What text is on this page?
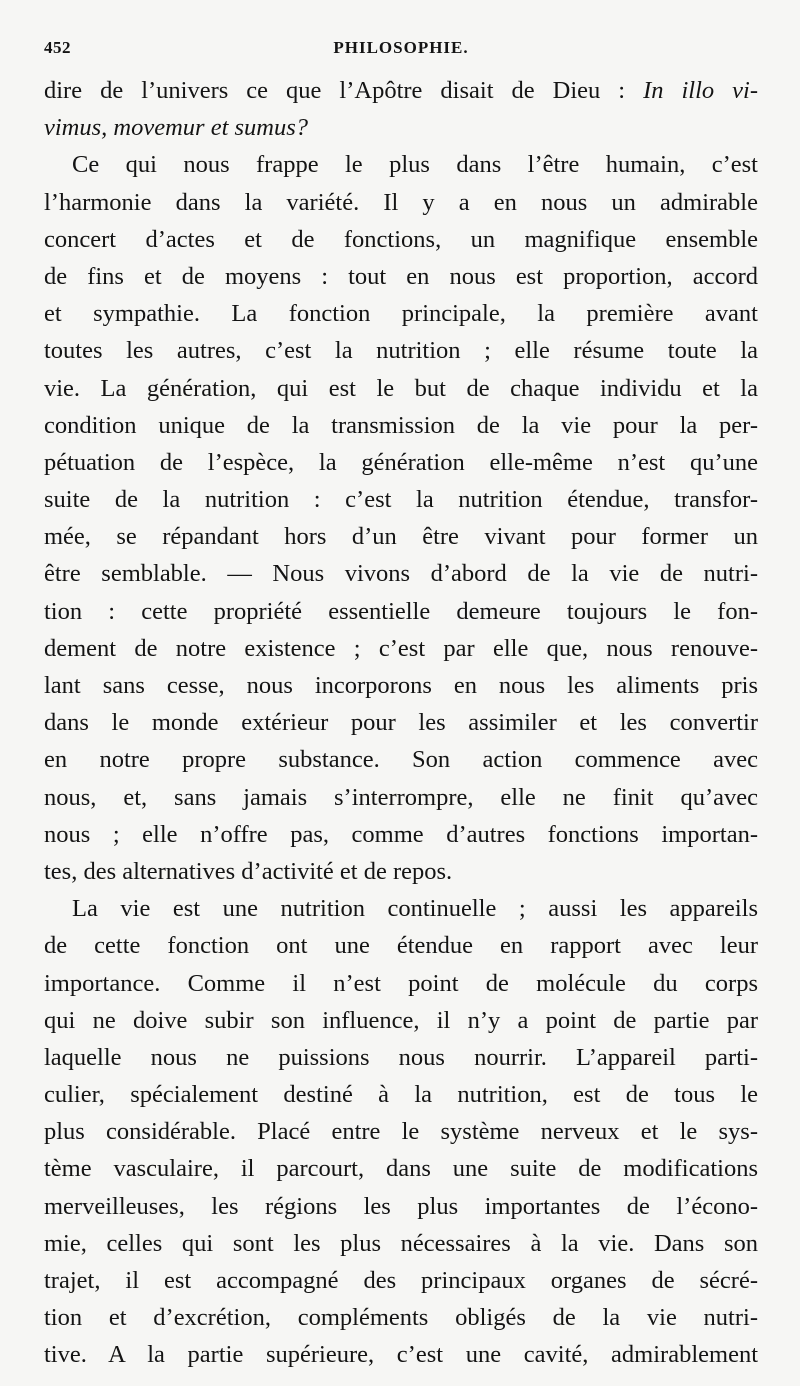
452	PHILOSOPHIE.
dire de l’univers ce que l’Apôtre disait de Dieu : In illo vi-
vimus, movemur et sumus?
Ce qui nous frappe le plus dans l’être humain, c’est
l’harmonie dans la variété. Il y a en nous un admirable
concert d’actes et de fonctions, un magnifique ensemble
de fins et de moyens : tout en nous est proportion, accord
et sympathie. La fonction principale, la première avant
toutes les autres, c’est la nutrition ; elle résume toute la
vie. La génération, qui est le but de chaque individu et la
condition unique de la transmission de la vie pour la per-
pétuation de l’espèce, la génération elle-même n’est qu’une
suite de la nutrition : c’est la nutrition étendue, transfor-
mée, se répandant hors d’un être vivant pour former un
être semblable. — Nous vivons d’abord de la vie de nutri-
tion : cette propriété essentielle demeure toujours le fon-
dement de notre existence ; c’est par elle que, nous renouve-
lant sans cesse, nous incorporons en nous les aliments pris
dans le monde extérieur pour les assimiler et les convertir
en notre propre substance. Son action commence avec
nous, et, sans jamais s’interrompre, elle ne finit qu’avec
nous ; elle n’offre pas, comme d’autres fonctions importan-
tes, des alternatives d’activité et de repos.
La vie est une nutrition continuelle ; aussi les appareils
de cette fonction ont une étendue en rapport avec leur
importance. Comme il n’est point de molécule du corps
qui ne doive subir son influence, il n’y a point de partie par
laquelle nous ne puissions nous nourrir. L’appareil parti-
culier, spécialement destiné à la nutrition, est de tous le
plus considérable. Placé entre le système nerveux et le sys-
tème vasculaire, il parcourt, dans une suite de modifications
merveilleuses, les régions les plus importantes de l’écono-
mie, celles qui sont les plus nécessaires à la vie. Dans son
trajet, il est accompagné des principaux organes de sécré-
tion et d’excrétion, compléments obligés de la vie nutri-
tive. A la partie supérieure, c’est une cavité, admirablement
